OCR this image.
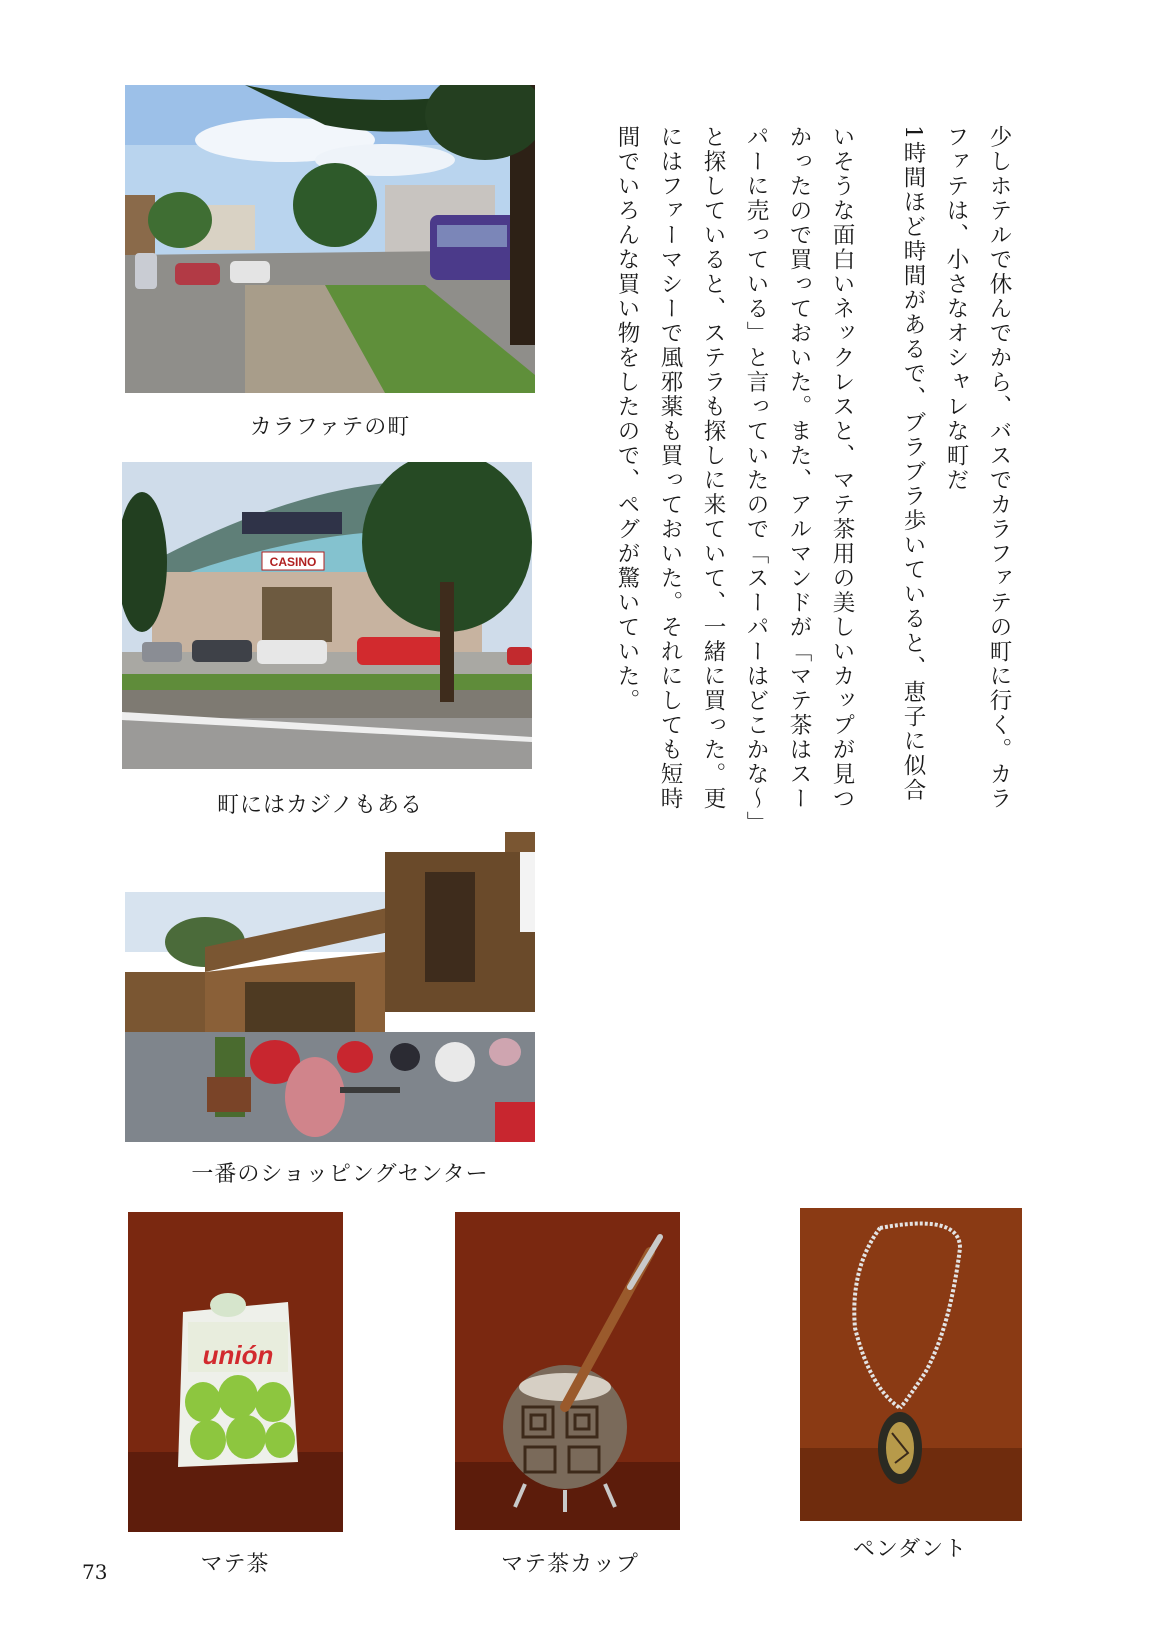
少しホテルで休んでから、バスでカラファテの町に行く。カラ

ファテは、小さなオシャレな町だ

1時間ほど時間があるで、ブラブラ歩いていると、恵子に似合

いそうな面白いネックレスと、マテ茶用の美しいカップが見つ

かったので買っておいた。また、アルマンドが「マテ茶はスー

パーに売っている」と言っていたので「スーパーはどこかな～」

と探していると、ステラも探しに来ていて、一緒に買った。更

にはファーマシーで風邪薬も買っておいた。それにしても短時

間でいろんな買い物をしたので、ペグが驚いていた。

カラファテの町
CASINO
町にはカジノもある
一番のショッピングセンター
unión
マテ茶	マテ茶カップ
ペンダント
73
